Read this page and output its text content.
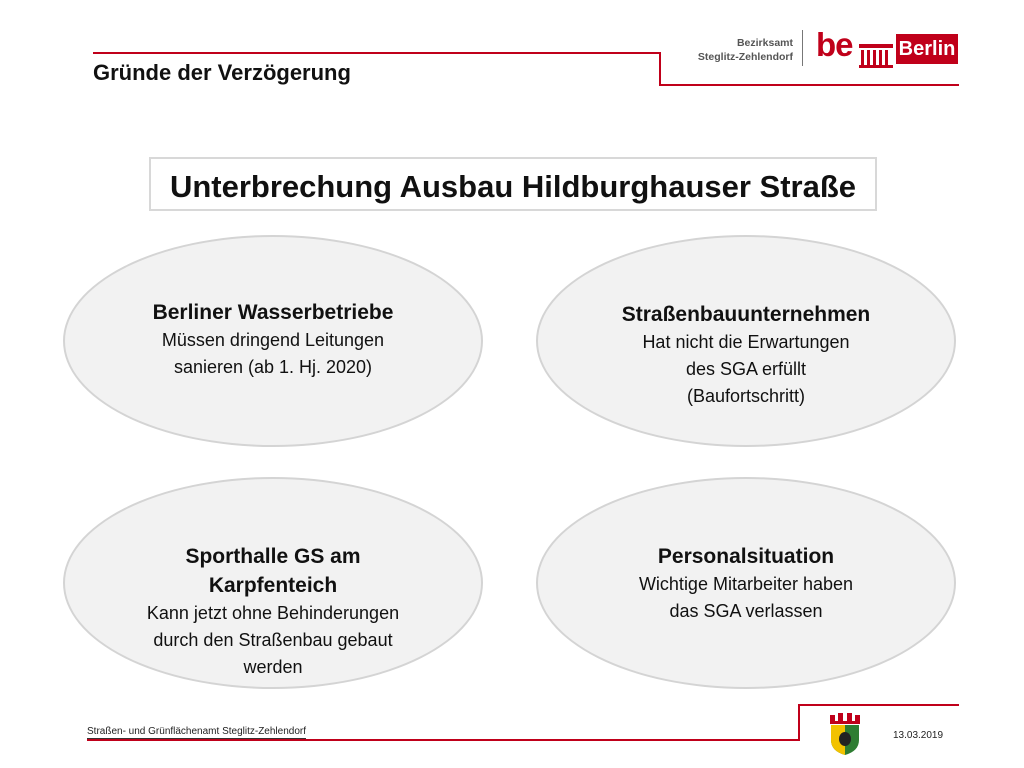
Gründe der Verzögerung
Bezirksamt
Steglitz-Zehlendorf be Berlin
Unterbrechung Ausbau Hildburghauser Straße
Berliner Wasserbetriebe
Müssen dringend Leitungen
sanieren (ab 1. Hj. 2020)
Straßenbauunternehmen
Hat nicht die Erwartungen
des SGA erfüllt
(Baufortschritt)
Sporthalle GS am Karpfenteich
Kann jetzt ohne Behinderungen
durch den Straßenbau gebaut
werden
Personalsituation
Wichtige Mitarbeiter haben
das SGA verlassen
Straßen- und Grünflächenamt Steglitz-Zehlendorf	13.03.2019
